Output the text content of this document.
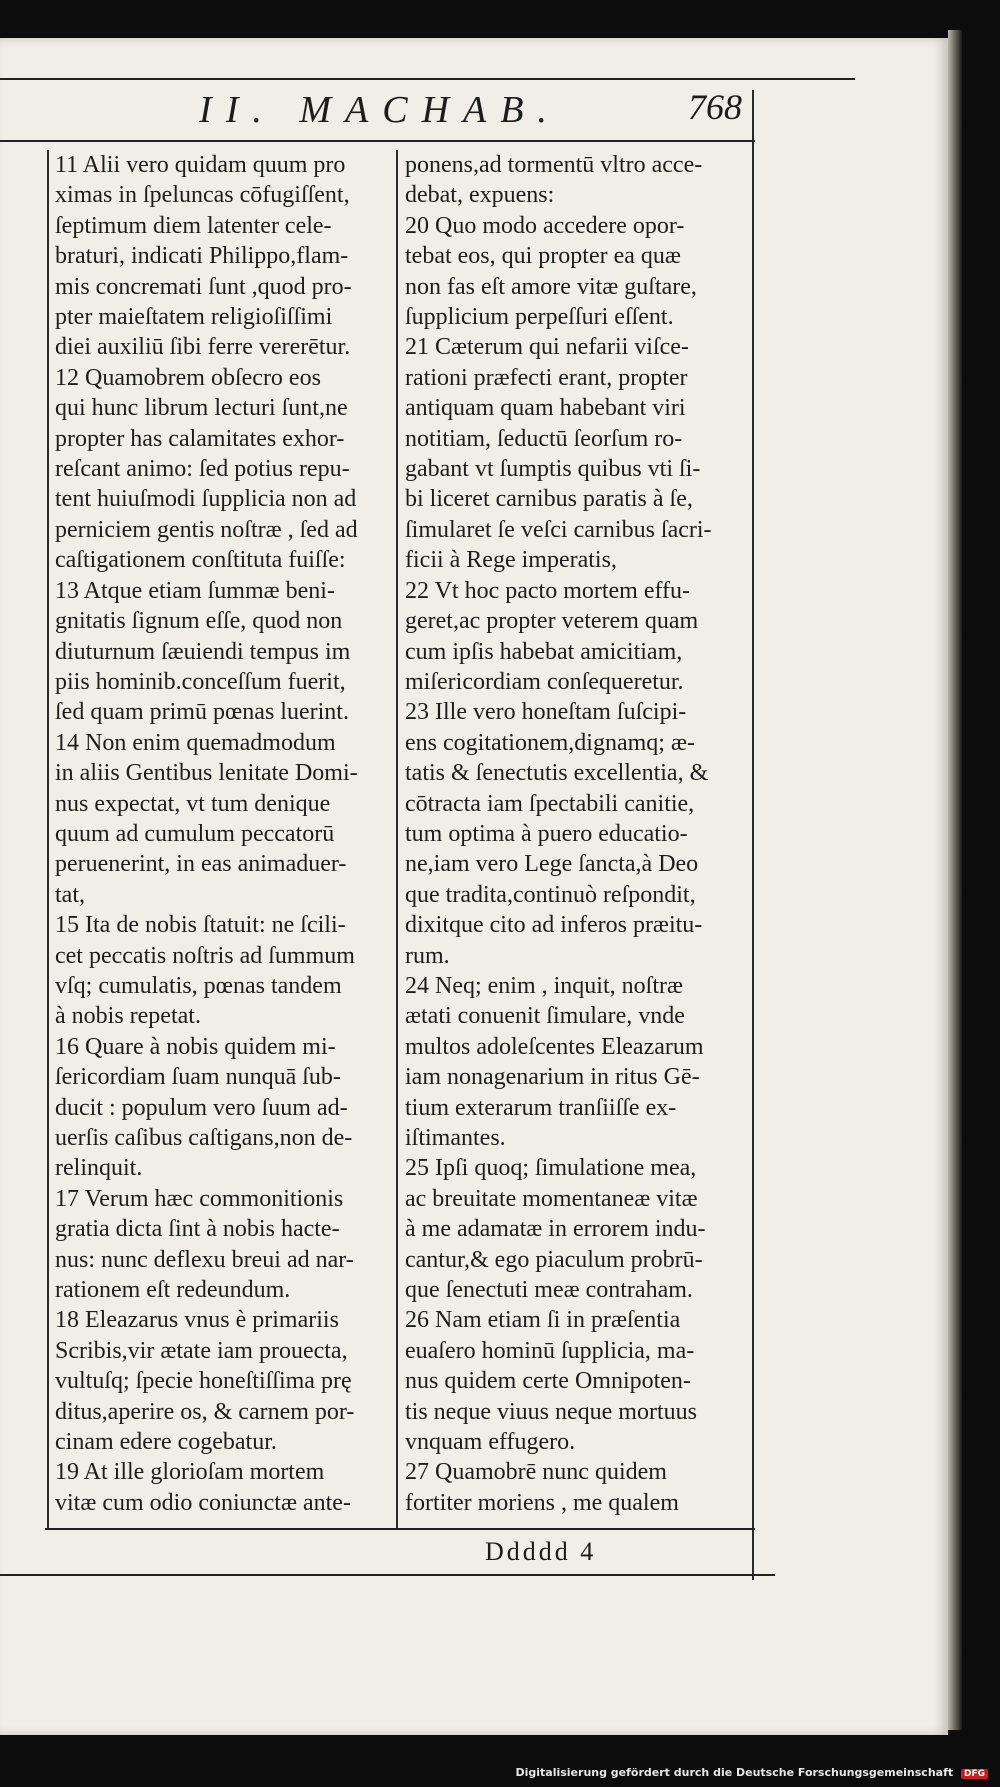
II. MACHAB.	768
11 Alii vero quidam quum pro
ximas in ſpeluncas cōfugiſſent,
ſeptimum diem latenter cele-
braturi, indicati Philippo,flam-
mis concremati ſunt ,quod pro-
pter maieſtatem religioſiſſimi
diei auxiliū ſibi ferre vererētur.
12 Quamobrem obſecro eos
qui hunc librum lecturi ſunt,ne
propter has calamitates exhor-
reſcant animo: ſed potius repu-
tent huiuſmodi ſupplicia non ad
perniciem gentis noſtræ , ſed ad
caſtigationem conſtituta fuiſſe:
13 Atque etiam ſummæ beni-
gnitatis ſignum eſſe, quod non
diuturnum ſæuiendi tempus im
piis hominib.conceſſum fuerit,
ſed quam primū pœnas luerint.
14 Non enim quemadmodum
in aliis Gentibus lenitate Domi-
nus expectat, vt tum denique
quum ad cumulum peccatorū
peruenerint, in eas animaduer-
tat,
15 Ita de nobis ſtatuit: ne ſcili-
cet peccatis noſtris ad ſummum
vſq; cumulatis, pœnas tandem
à nobis repetat.
16 Quare à nobis quidem mi-
ſericordiam ſuam nunquā ſub-
ducit : populum vero ſuum ad-
uerſis caſibus caſtigans,non de-
relinquit.
17 Verum hæc commonitionis
gratia dicta ſint à nobis hacte-
nus: nunc deflexu breui ad nar-
rationem eſt redeundum.
18 Eleazarus vnus è primariis
Scribis,vir ætate iam prouecta,
vultuſq; ſpecie honeſtiſſima prę
ditus,aperire os, & carnem por-
cinam edere cogebatur.
19 At ille glorioſam mortem
vitæ cum odio coniunctæ ante-
ponens,ad tormentū vltro acce-
debat, expuens:
20 Quo modo accedere opor-
tebat eos, qui propter ea quæ
non fas eſt amore vitæ guſtare,
ſupplicium perpeſſuri eſſent.
21 Cæterum qui nefarii viſce-
rationi præfecti erant, propter
antiquam quam habebant viri
notitiam, ſeductū ſeorſum ro-
gabant vt ſumptis quibus vti ſi-
bi liceret carnibus paratis à ſe,
ſimularet ſe veſci carnibus ſacri-
ficii à Rege imperatis,
22 Vt hoc pacto mortem effu-
geret,ac propter veterem quam
cum ipſis habebat amicitiam,
miſericordiam conſequeretur.
23 Ille vero honeſtam ſuſcipi-
ens cogitationem,dignamq; æ-
tatis & ſenectutis excellentia, &
cōtracta iam ſpectabili canitie,
tum optima à puero educatio-
ne,iam vero Lege ſancta,à Deo
que tradita,continuò reſpondit,
dixitque cito ad inferos præitu-
rum.
24 Neq; enim , inquit, noſtræ
ætati conuenit ſimulare, vnde
multos adoleſcentes Eleazarum
iam nonagenarium in ritus Gē-
tium exterarum tranſiiſſe ex-
iſtimantes.
25 Ipſi quoq; ſimulatione mea,
ac breuitate momentaneæ vitæ
à me adamatæ in errorem indu-
cantur,& ego piaculum probrū-
que ſenectuti meæ contraham.
26 Nam etiam ſi in præſentia
euaſero hominū ſupplicia, ma-
nus quidem certe Omnipoten-
tis neque viuus neque mortuus
vnquam effugero.
27 Quamobrē nunc quidem
fortiter moriens , me qualem
Ddddd 4
Digitalisierung gefördert durch die Deutsche Forschungsgemeinschaft DFG
